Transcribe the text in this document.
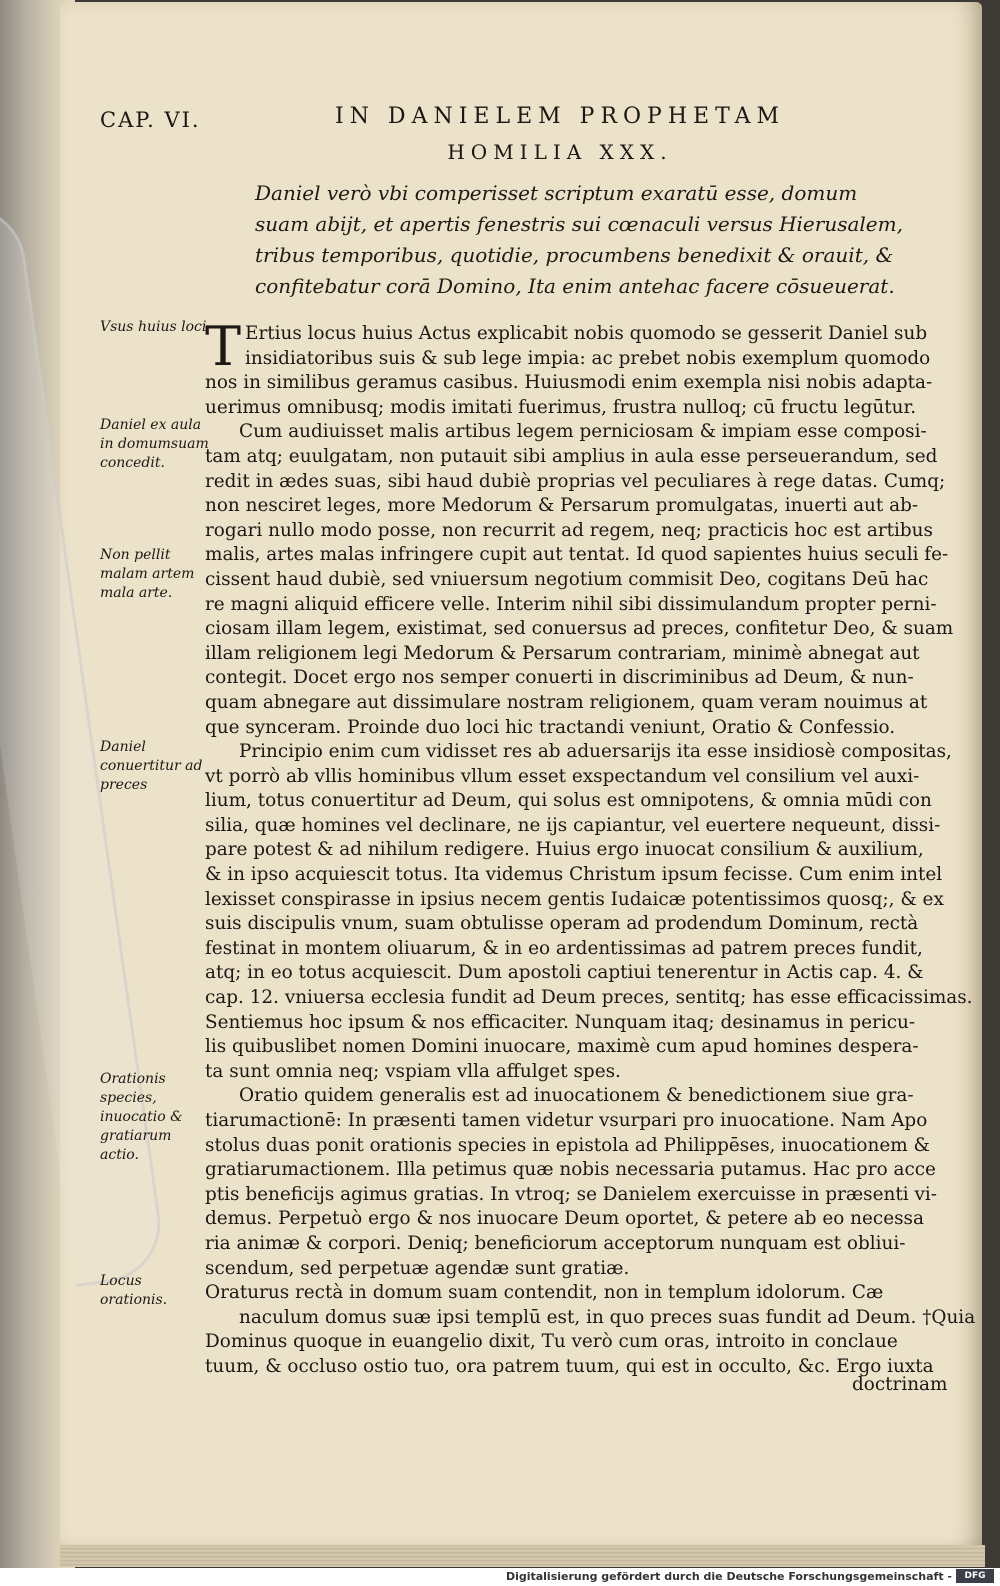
CAP. VI.	IN DANIELEM PROPHETAM
HOMILIA XXX.
Daniel verò vbi comperisset scriptum exaratū esse, domum
suam abijt, et apertis fenestris sui cœnaculi versus Hierusalem,
tribus temporibus, quotidie, procumbens benedixit & orauit, &
confitebatur corā Domino, Ita enim antehac facere cōsueuerat.
Vsus huius loci
Daniel ex aula in domumsuam concedit.
Non pellit malam artem mala arte.
Daniel conuertitur ad preces
Orationis species, inuocatio & gratiarum actio.
Locus orationis.
T Ertius locus huius Actus explicabit nobis quomodo se gesserit Daniel sub
insidiatoribus suis & sub lege impia: ac prebet nobis exemplum quomodo
nos in similibus geramus casibus. Huiusmodi enim exempla nisi nobis adapta-
uerimus omnibusq; modis imitati fuerimus, frustra nulloq; cū fructu legūtur.
Cum audiuisset malis artibus legem perniciosam & impiam esse composi-
tam atq; euulgatam, non putauit sibi amplius in aula esse perseuerandum, sed
redit in ædes suas, sibi haud dubiè proprias vel peculiares à rege datas. Cumq;
non nesciret leges, more Medorum & Persarum promulgatas, inuerti aut ab-
rogari nullo modo posse, non recurrit ad regem, neq; practicis hoc est artibus
malis, artes malas infringere cupit aut tentat. Id quod sapientes huius seculi fe-
cissent haud dubiè, sed vniuersum negotium commisit Deo, cogitans Deū hac
re magni aliquid efficere velle. Interim nihil sibi dissimulandum propter perni-
ciosam illam legem, existimat, sed conuersus ad preces, confitetur Deo, & suam
illam religionem legi Medorum & Persarum contrariam, minimè abnegat aut
contegit. Docet ergo nos semper conuerti in discriminibus ad Deum, & nun-
quam abnegare aut dissimulare nostram religionem, quam veram nouimus at
que synceram. Proinde duo loci hic tractandi veniunt, Oratio & Confessio.
Principio enim cum vidisset res ab aduersarijs ita esse insidiosè compositas,
vt porrò ab vllis hominibus vllum esset exspectandum vel consilium vel auxi-
lium, totus conuertitur ad Deum, qui solus est omnipotens, & omnia mūdi con
silia, quæ homines vel declinare, ne ijs capiantur, vel euertere nequeunt, dissi-
pare potest & ad nihilum redigere. Huius ergo inuocat consilium & auxilium,
& in ipso acquiescit totus. Ita videmus Christum ipsum fecisse. Cum enim intel
lexisset conspirasse in ipsius necem gentis Iudaicæ potentissimos quosq;, & ex
suis discipulis vnum, suam obtulisse operam ad prodendum Dominum, rectà
festinat in montem oliuarum, & in eo ardentissimas ad patrem preces fundit,
atq; in eo totus acquiescit. Dum apostoli captiui tenerentur in Actis cap. 4. &
cap. 12. vniuersa ecclesia fundit ad Deum preces, sentitq; has esse efficacissimas.
Sentiemus hoc ipsum & nos efficaciter. Nunquam itaq; desinamus in pericu-
lis quibuslibet nomen Domini inuocare, maximè cum apud homines despera-
ta sunt omnia neq; vspiam vlla affulget spes.
Oratio quidem generalis est ad inuocationem & benedictionem siue gra-
tiarumactionē: In præsenti tamen videtur vsurpari pro inuocatione. Nam Apo
stolus duas ponit orationis species in epistola ad Philippēses, inuocationem &
gratiarumactionem. Illa petimus quæ nobis necessaria putamus. Hac pro acce
ptis beneficijs agimus gratias. In vtroq; se Danielem exercuisse in præsenti vi-
demus. Perpetuò ergo & nos inuocare Deum oportet, & petere ab eo necessa
ria animæ & corpori. Deniq; beneficiorum acceptorum nunquam est obliui-
scendum, sed perpetuæ agendæ sunt gratiæ.
Oraturus rectà in domum suam contendit, non in templum idolorum. Cæ
naculum domus suæ ipsi templū est, in quo preces suas fundit ad Deum. †Quia
Dominus quoque in euangelio dixit, Tu verò cum oras, introito in conclaue
tuum, & occluso ostio tuo, ora patrem tuum, qui est in occulto, &c. Ergo iuxta
doctrinam
Digitalisierung gefördert durch die Deutsche Forschungsgemeinschaft -	DFG
